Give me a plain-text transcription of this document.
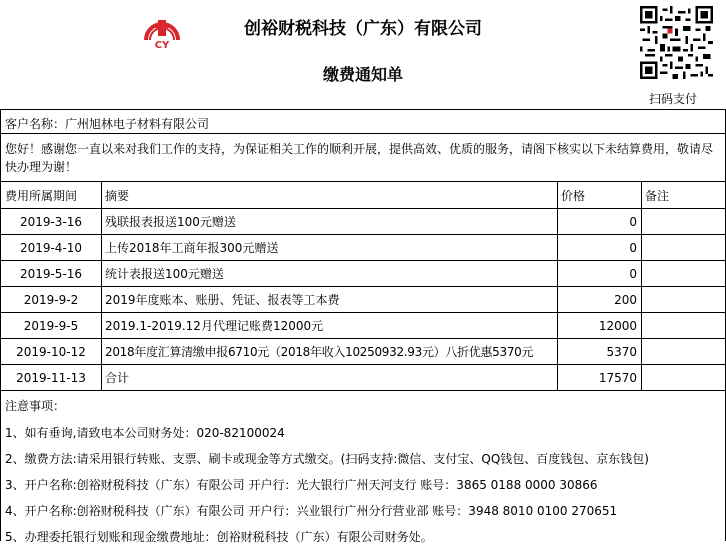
CY
创裕财税科技（广东）有限公司
缴费通知单
扫码支付
客户名称：广州旭林电子材料有限公司
您好！感谢您一直以来对我们工作的支持，为保证相关工作的顺利开展，提供高效、优质的服务，请阁下核实以下未结算费用，敬请尽快办理为谢！
费用所属期间	摘要	价格	备注
2019-3-16	残联报表报送100元赠送	0
2019-4-10	上传2018年工商年报300元赠送	0
2019-5-16	统计表报送100元赠送	0
2019-9-2	2019年度账本、账册、凭证、报表等工本费	200
2019-9-5	2019.1-2019.12月代理记账费12000元	12000
2019-10-12	2018年度汇算清缴申报6710元（2018年收入10250932.93元）八折优惠5370元	5370
2019-11-13	合计	17570
注意事项：
1、如有垂询,请致电本公司财务处：020-82100024
2、缴费方法:请采用银行转账、支票、刷卡或现金等方式缴交。(扫码支持:微信、支付宝、QQ钱包、百度钱包、京东钱包)
3、开户名称:创裕财税科技（广东）有限公司 开户行：光大银行广州天河支行 账号：3865 0188 0000 30866
4、开户名称:创裕财税科技（广东）有限公司 开户行：兴业银行广州分行营业部 账号：3948 8010 0100 270651
5、办理委托银行划账和现金缴费地址：创裕财税科技（广东）有限公司财务处。
